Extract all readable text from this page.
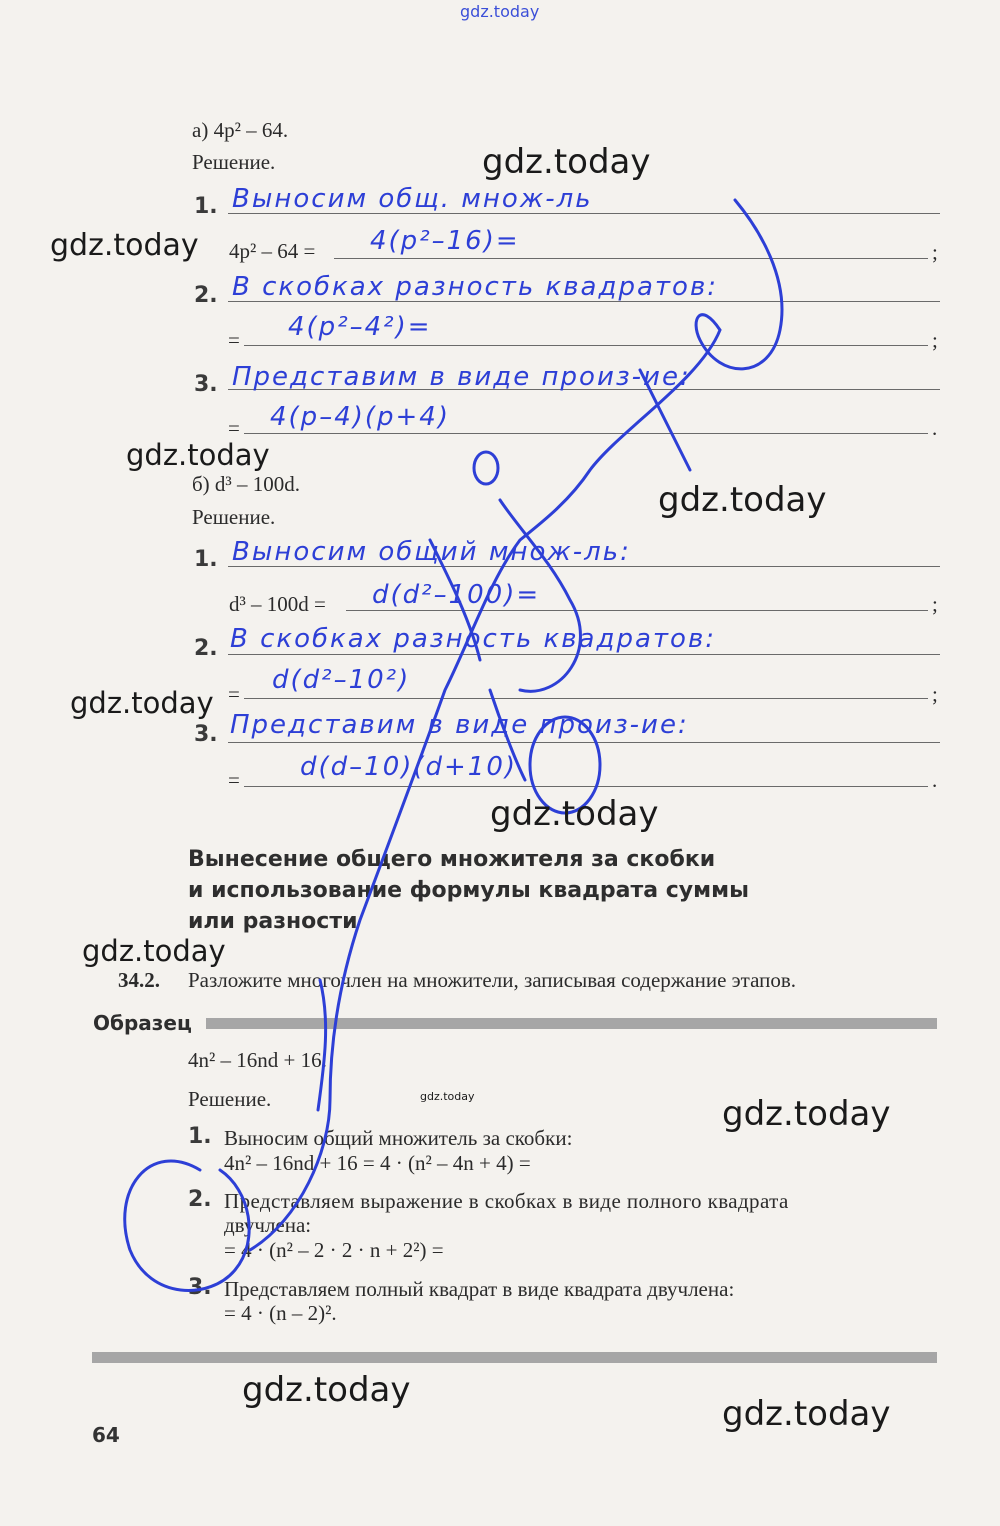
gdz.today
а) 4p² – 64.
Решение.
1. Выносим общ. множ-ль
4p² – 64 = 4(p²–16)=	;
2. В скобках разность квадратов:
= 4(p²–4²)=	;
3. Представим в виде произ-ие:
= 4(p–4)(p+4)	.
б) d³ – 100d.
Решение.
1. Выносим общий множ-ль:
d³ – 100d = d(d²–100)=	;
2. В скобках разность квадратов:
= d(d²–10²)	;
3. Представим в виде произ-ие:
= d(d–10)(d+10)	.
Вынесение общего множителя за скобки
и использование формулы квадрата суммы
или разности
34.2. Разложите многочлен на множители, записывая содержание этапов.
Образец
4n² – 16nd + 16.
Решение.
1. Выносим общий множитель за скобки:
4n² – 16nd + 16 = 4 · (n² – 4n + 4) =
2. Представляем выражение в скобках в виде полного квадрата
двучлена:
= 4 · (n² – 2 · 2 · n + 2²) =
3. Представляем полный квадрат в виде квадрата двучлена:
= 4 · (n – 2)².
64
gdz.today
gdz.today
gdz.today
gdz.today
gdz.today
gdz.today
gdz.today
gdz.today	gdz.today
gdz.today
gdz.today
